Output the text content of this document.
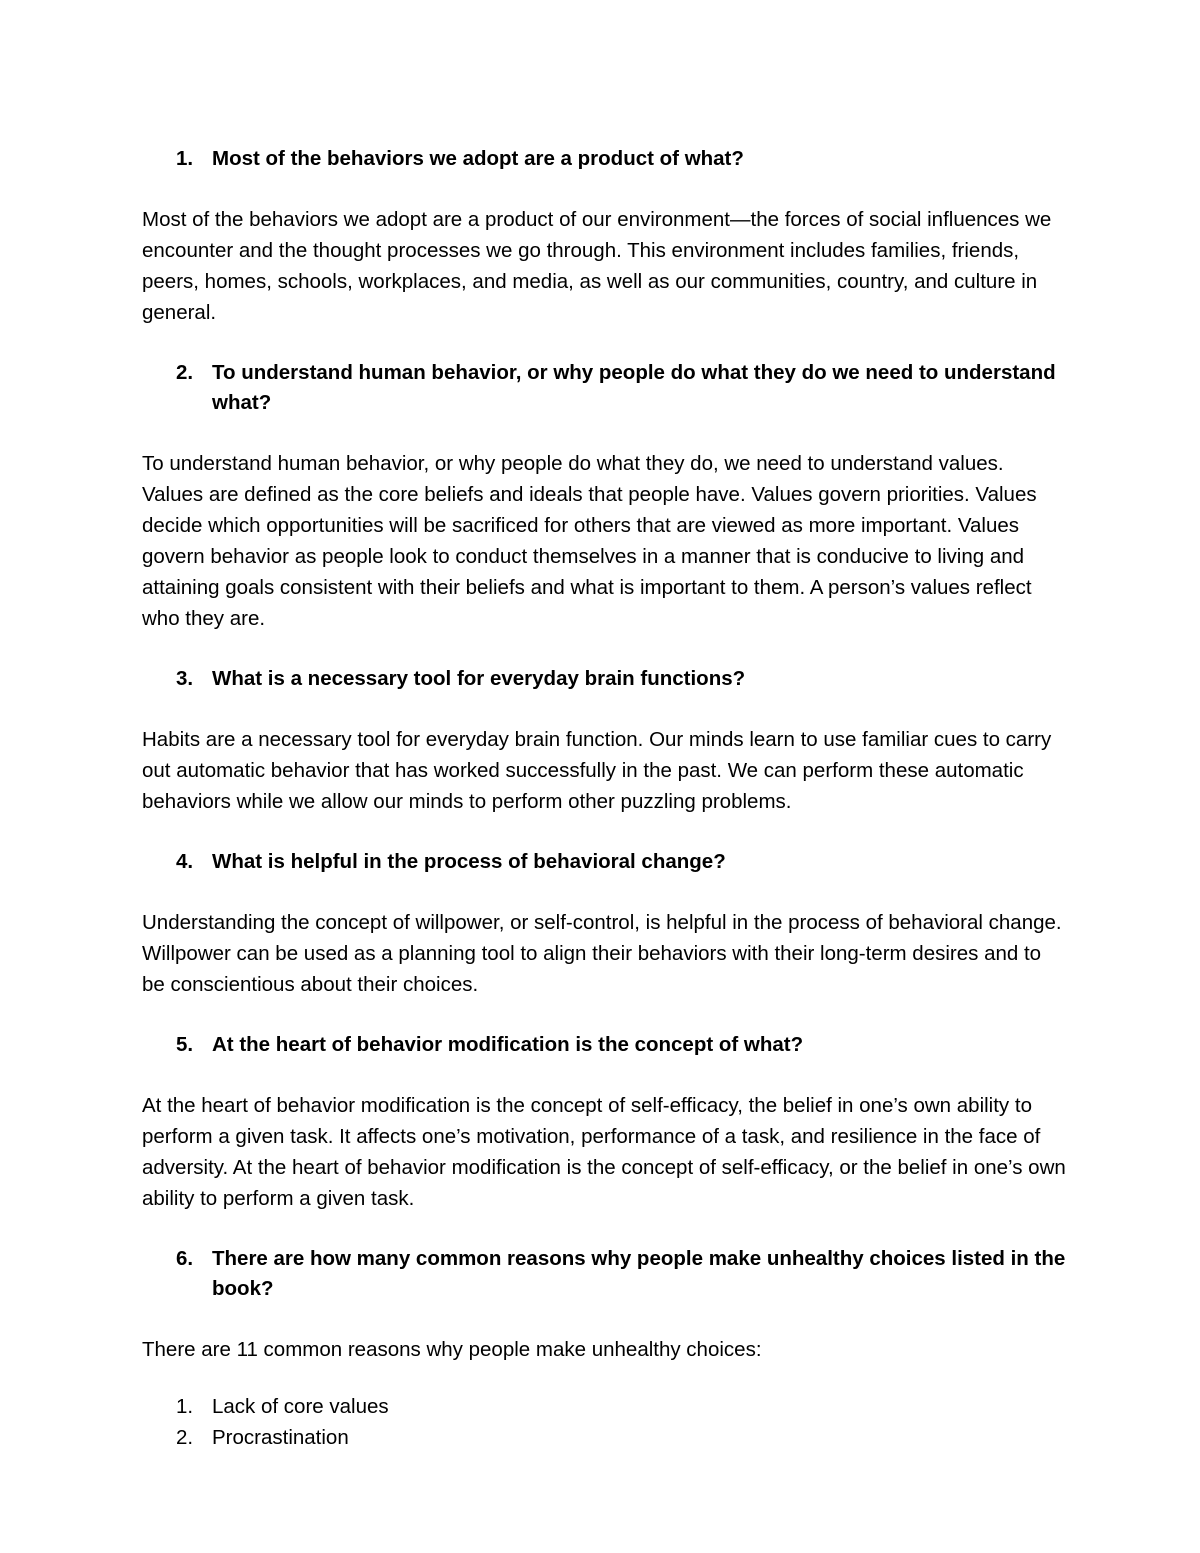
1. Most of the behaviors we adopt are a product of what?

Most of the behaviors we adopt are a product of our environment—the forces of social influences we encounter and the thought processes we go through. This environment includes families, friends, peers, homes, schools, workplaces, and media, as well as our communities, country, and culture in general.

2. To understand human behavior, or why people do what they do we need to understand what?

To understand human behavior, or why people do what they do, we need to understand values. Values are defined as the core beliefs and ideals that people have. Values govern priorities. Values decide which opportunities will be sacrificed for others that are viewed as more important. Values govern behavior as people look to conduct themselves in a manner that is conducive to living and attaining goals consistent with their beliefs and what is important to them. A person’s values reflect who they are.

3. What is a necessary tool for everyday brain functions?

Habits are a necessary tool for everyday brain function. Our minds learn to use familiar cues to carry out automatic behavior that has worked successfully in the past. We can perform these automatic behaviors while we allow our minds to perform other puzzling problems.

4. What is helpful in the process of behavioral change?

Understanding the concept of willpower, or self-control, is helpful in the process of behavioral change. Willpower can be used as a planning tool to align their behaviors with their long-term desires and to be conscientious about their choices.

5. At the heart of behavior modification is the concept of what?

At the heart of behavior modification is the concept of self-efficacy, the belief in one’s own ability to perform a given task. It affects one’s motivation, performance of a task, and resilience in the face of adversity. At the heart of behavior modification is the concept of self-efficacy, or the belief in one’s own ability to perform a given task.

6. There are how many common reasons why people make unhealthy choices listed in the book?

There are 11 common reasons why people make unhealthy choices:

1. Lack of core values
2. Procrastination
